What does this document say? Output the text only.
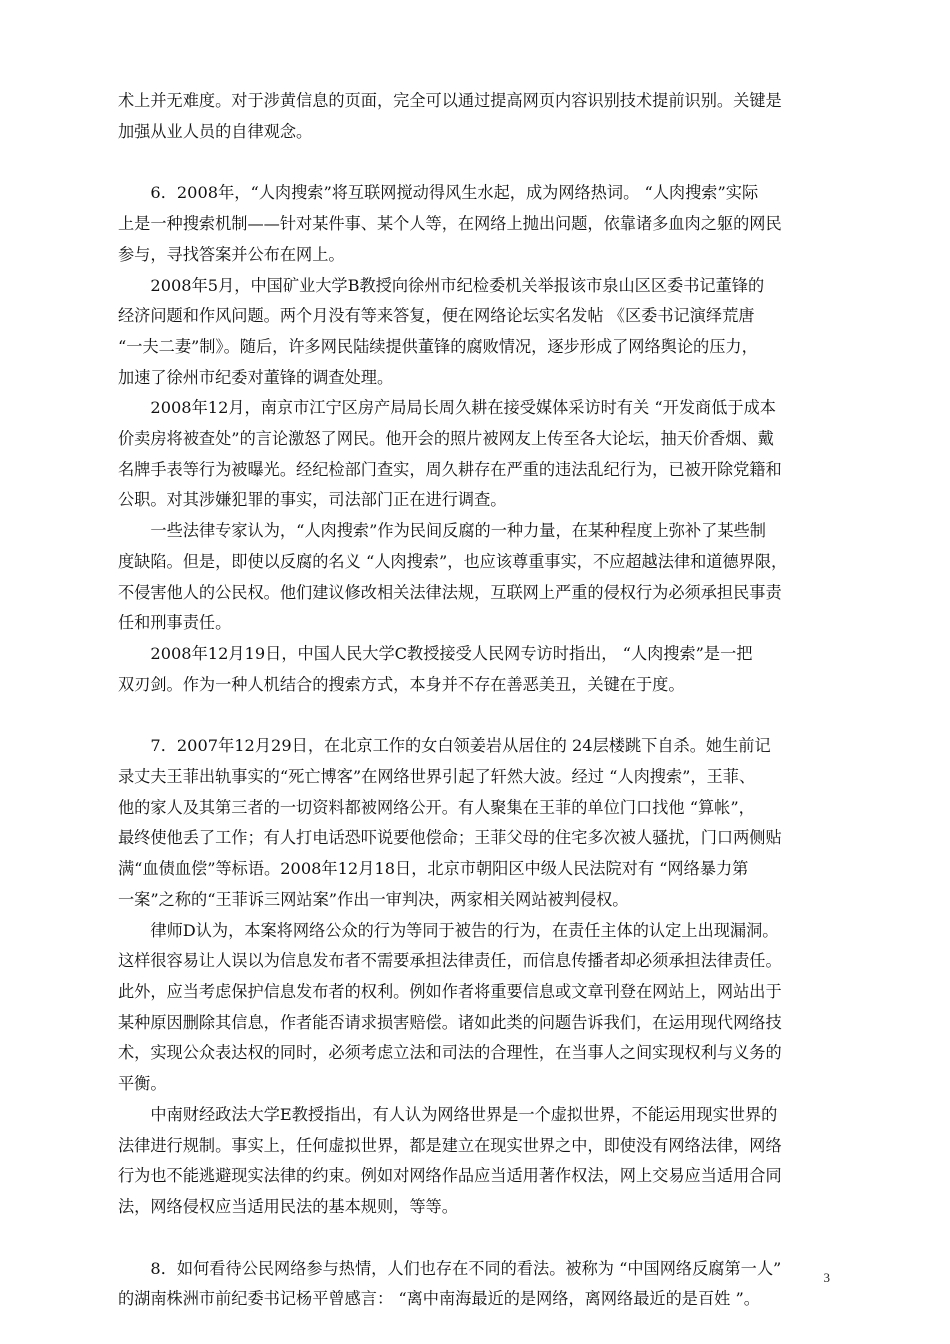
术上并无难度。对于涉黄信息的页面，完全可以通过提高网页内容识别技术提前识别。关键是
加强从业人员的自律观念。
6．2008年，“人肉搜索”将互联网搅动得风生水起，成为网络热词。 “人肉搜索”实际
上是一种搜索机制——针对某件事、某个人等，在网络上抛出问题，依靠诸多血肉之躯的网民
参与，寻找答案并公布在网上。
2008年5月，中国矿业大学B教授向徐州市纪检委机关举报该市泉山区区委书记董锋的
经济问题和作风问题。两个月没有等来答复，便在网络论坛实名发帖 《区委书记演绎荒唐
“一夫二妻”制》。随后，许多网民陆续提供董锋的腐败情况，逐步形成了网络舆论的压力，
加速了徐州市纪委对董锋的调查处理。
2008年12月，南京市江宁区房产局局长周久耕在接受媒体采访时有关 “开发商低于成本
价卖房将被查处”的言论激怒了网民。他开会的照片被网友上传至各大论坛，抽天价香烟、戴
名牌手表等行为被曝光。经纪检部门查实，周久耕存在严重的违法乱纪行为，已被开除党籍和
公职。对其涉嫌犯罪的事实，司法部门正在进行调查。
一些法律专家认为，“人肉搜索”作为民间反腐的一种力量，在某种程度上弥补了某些制
度缺陷。但是，即使以反腐的名义 “人肉搜索”，也应该尊重事实，不应超越法律和道德界限，
不侵害他人的公民权。他们建议修改相关法律法规，互联网上严重的侵权行为必须承担民事责
任和刑事责任。
2008年12月19日，中国人民大学C教授接受人民网专访时指出， “人肉搜索”是一把
双刃剑。作为一种人机结合的搜索方式，本身并不存在善恶美丑，关键在于度。
7．2007年12月29日，在北京工作的女白领姜岩从居住的 24层楼跳下自杀。她生前记
录丈夫王菲出轨事实的“死亡博客”在网络世界引起了轩然大波。经过 “人肉搜索”，王菲、
他的家人及其第三者的一切资料都被网络公开。有人聚集在王菲的单位门口找他 “算帐”，
最终使他丢了工作；有人打电话恐吓说要他偿命；王菲父母的住宅多次被人骚扰，门口两侧贴
满“血债血偿”等标语。2008年12月18日，北京市朝阳区中级人民法院对有 “网络暴力第
一案”之称的“王菲诉三网站案”作出一审判决，两家相关网站被判侵权。
律师D认为，本案将网络公众的行为等同于被告的行为，在责任主体的认定上出现漏洞。
这样很容易让人误以为信息发布者不需要承担法律责任，而信息传播者却必须承担法律责任。
此外，应当考虑保护信息发布者的权利。例如作者将重要信息或文章刊登在网站上，网站出于
某种原因删除其信息，作者能否请求损害赔偿。诸如此类的问题告诉我们，在运用现代网络技
术，实现公众表达权的同时，必须考虑立法和司法的合理性，在当事人之间实现权利与义务的
平衡。
中南财经政法大学E教授指出，有人认为网络世界是一个虚拟世界，不能运用现实世界的
法律进行规制。事实上，任何虚拟世界，都是建立在现实世界之中，即使没有网络法律，网络
行为也不能逃避现实法律的约束。例如对网络作品应当适用著作权法，网上交易应当适用合同
法，网络侵权应当适用民法的基本规则，等等。
8．如何看待公民网络参与热情，人们也存在不同的看法。被称为 “中国网络反腐第一人”
的湖南株洲市前纪委书记杨平曾感言： “离中南海最近的是网络，离网络最近的是百姓 ”。
3
